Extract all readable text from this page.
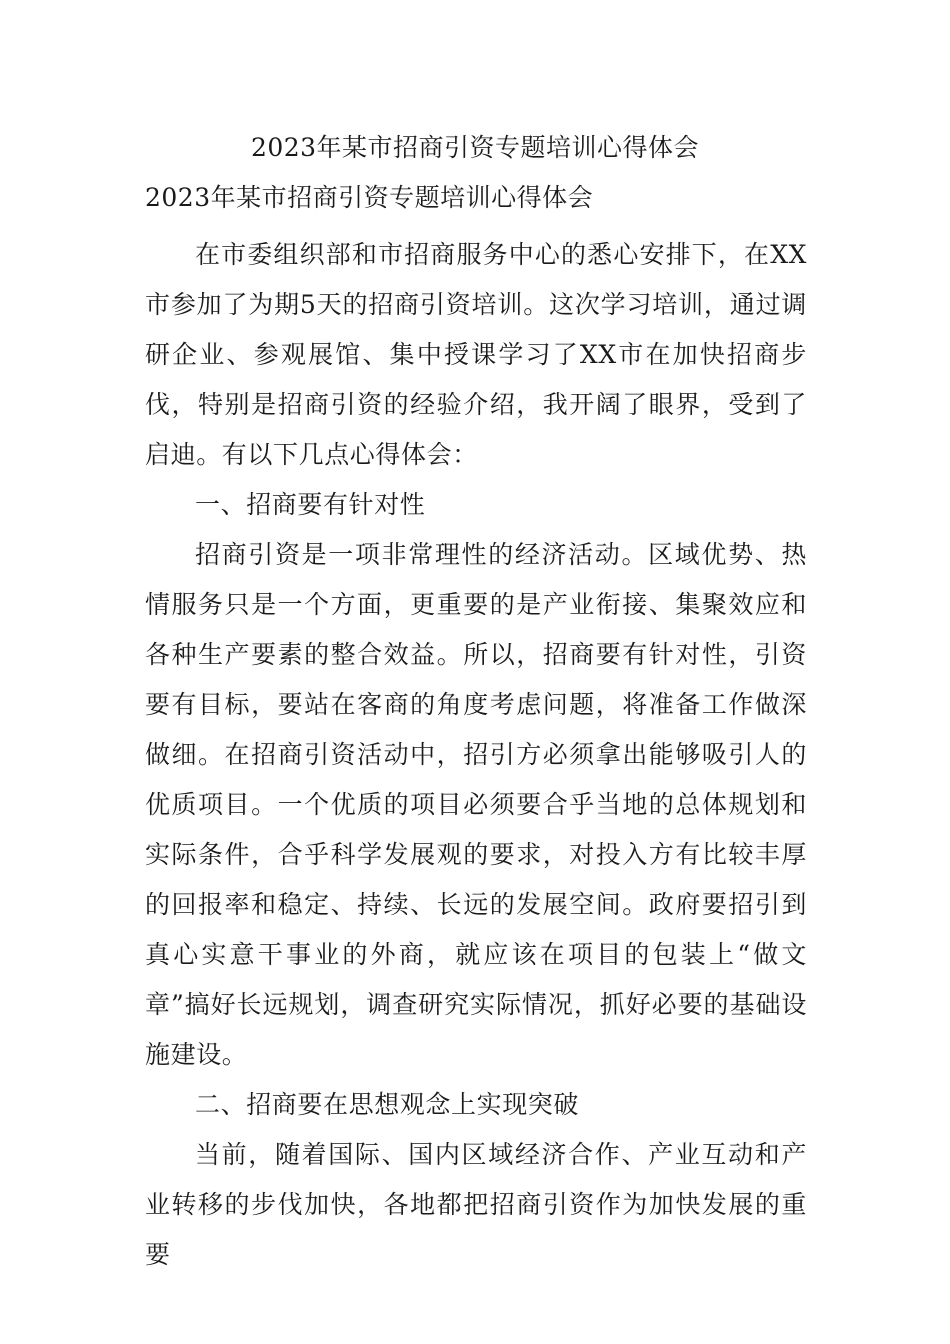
2023年某市招商引资专题培训心得体会
2023年某市招商引资专题培训心得体会

在市委组织部和市招商服务中心的悉心安排下，在XX市参加了为期5天的招商引资培训。这次学习培训，通过调研企业、参观展馆、集中授课学习了XX市在加快招商步伐，特别是招商引资的经验介绍，我开阔了眼界，受到了启迪。有以下几点心得体会：

一、招商要有针对性

招商引资是一项非常理性的经济活动。区域优势、热情服务只是一个方面，更重要的是产业衔接、集聚效应和各种生产要素的整合效益。所以，招商要有针对性，引资要有目标，要站在客商的角度考虑问题，将准备工作做深做细。在招商引资活动中，招引方必须拿出能够吸引人的优质项目。一个优质的项目必须要合乎当地的总体规划和实际条件，合乎科学发展观的要求，对投入方有比较丰厚的回报率和稳定、持续、长远的发展空间。政府要招引到真心实意干事业的外商，就应该在项目的包装上“做文章”搞好长远规划，调查研究实际情况，抓好必要的基础设施建设。

二、招商要在思想观念上实现突破

当前，随着国际、国内区域经济合作、产业互动和产业转移的步伐加快，各地都把招商引资作为加快发展的重要
